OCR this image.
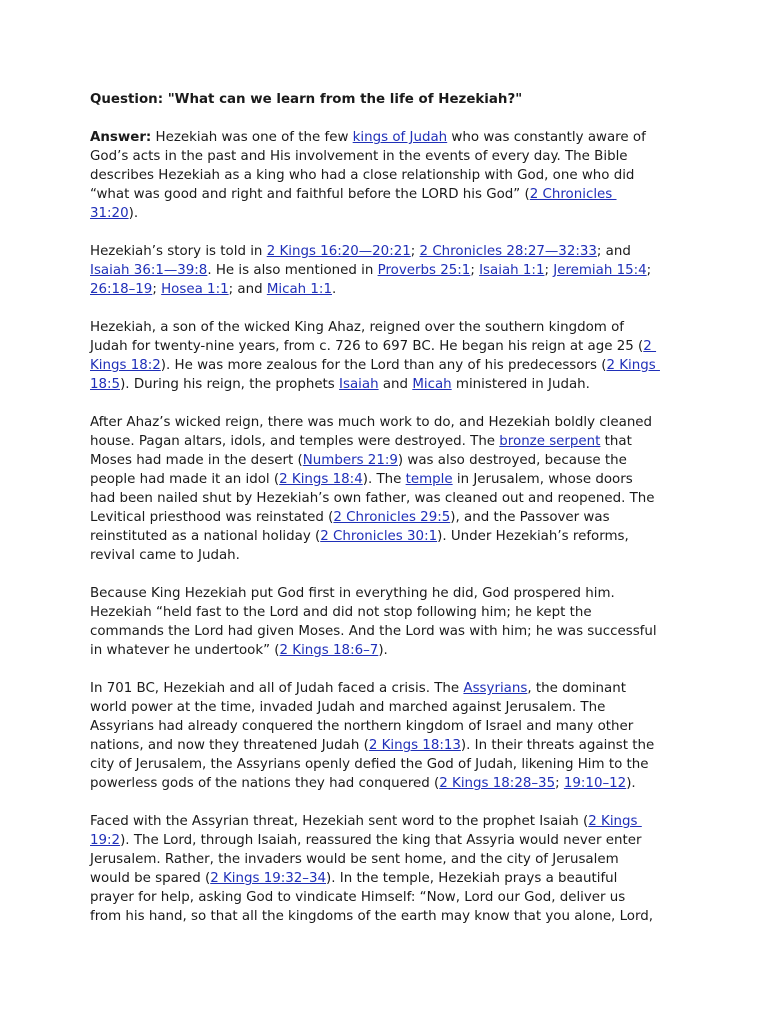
Question: "What can we learn from the life of Hezekiah?"
Answer: Hezekiah was one of the few kings of Judah who was constantly aware of
God’s acts in the past and His involvement in the events of every day. The Bible
describes Hezekiah as a king who had a close relationship with God, one who did
“what was good and right and faithful before the LORD his God” (2 Chronicles
31:20).
Hezekiah’s story is told in 2 Kings 16:20—20:21; 2 Chronicles 28:27—32:33; and
Isaiah 36:1—39:8. He is also mentioned in Proverbs 25:1; Isaiah 1:1; Jeremiah 15:4;
26:18–19; Hosea 1:1; and Micah 1:1.
Hezekiah, a son of the wicked King Ahaz, reigned over the southern kingdom of
Judah for twenty-nine years, from c. 726 to 697 BC. He began his reign at age 25 (2
Kings 18:2). He was more zealous for the Lord than any of his predecessors (2 Kings
18:5). During his reign, the prophets Isaiah and Micah ministered in Judah.
After Ahaz’s wicked reign, there was much work to do, and Hezekiah boldly cleaned
house. Pagan altars, idols, and temples were destroyed. The bronze serpent that
Moses had made in the desert (Numbers 21:9) was also destroyed, because the
people had made it an idol (2 Kings 18:4). The temple in Jerusalem, whose doors
had been nailed shut by Hezekiah’s own father, was cleaned out and reopened. The
Levitical priesthood was reinstated (2 Chronicles 29:5), and the Passover was
reinstituted as a national holiday (2 Chronicles 30:1). Under Hezekiah’s reforms,
revival came to Judah.
Because King Hezekiah put God first in everything he did, God prospered him.
Hezekiah “held fast to the Lord and did not stop following him; he kept the
commands the Lord had given Moses. And the Lord was with him; he was successful
in whatever he undertook” (2 Kings 18:6–7).
In 701 BC, Hezekiah and all of Judah faced a crisis. The Assyrians, the dominant
world power at the time, invaded Judah and marched against Jerusalem. The
Assyrians had already conquered the northern kingdom of Israel and many other
nations, and now they threatened Judah (2 Kings 18:13). In their threats against the
city of Jerusalem, the Assyrians openly defied the God of Judah, likening Him to the
powerless gods of the nations they had conquered (2 Kings 18:28–35; 19:10–12).
Faced with the Assyrian threat, Hezekiah sent word to the prophet Isaiah (2 Kings
19:2). The Lord, through Isaiah, reassured the king that Assyria would never enter
Jerusalem. Rather, the invaders would be sent home, and the city of Jerusalem
would be spared (2 Kings 19:32–34). In the temple, Hezekiah prays a beautiful
prayer for help, asking God to vindicate Himself: “Now, Lord our God, deliver us
from his hand, so that all the kingdoms of the earth may know that you alone, Lord,
